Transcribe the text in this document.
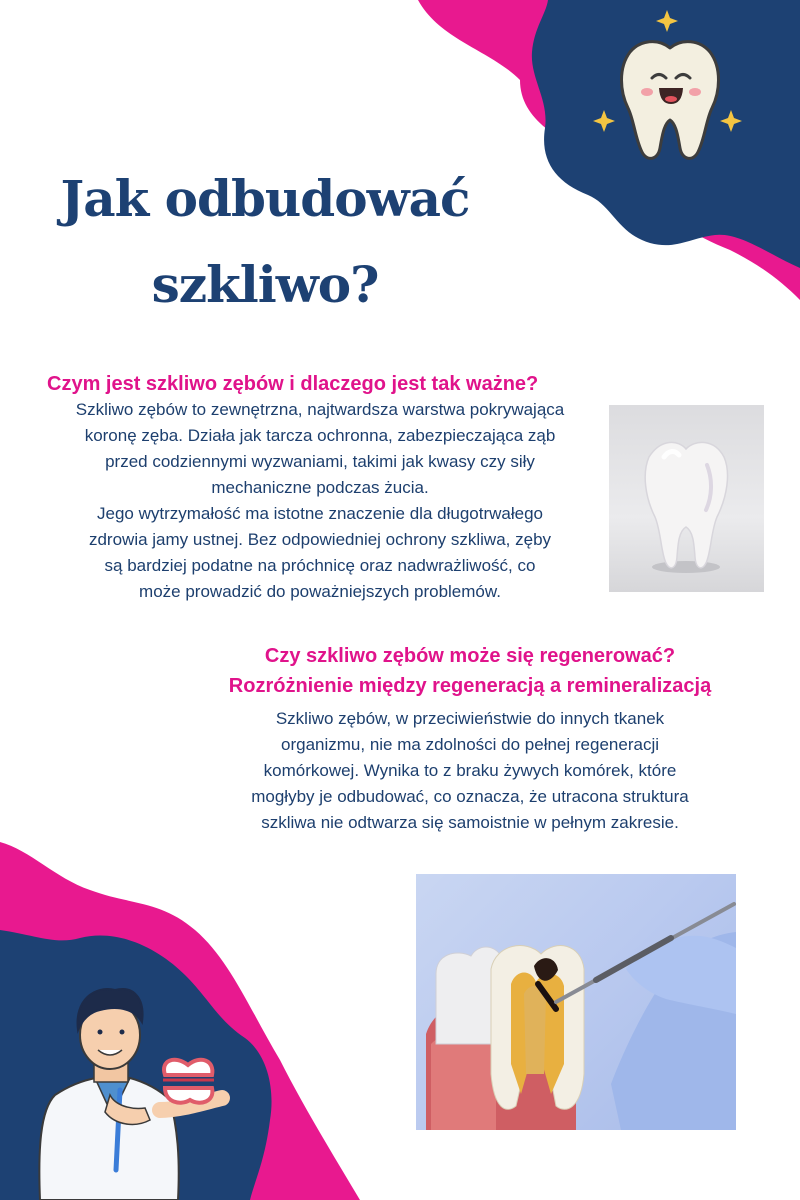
Jak odbudować
szkliwo?
Czym jest szkliwo zębów i dlaczego jest tak ważne?
Szkliwo zębów to zewnętrzna, najtwardsza warstwa pokrywająca
koronę zęba. Działa jak tarcza ochronna, zabezpieczająca ząb
przed codziennymi wyzwaniami, takimi jak kwasy czy siły
mechaniczne podczas żucia.
Jego wytrzymałość ma istotne znaczenie dla długotrwałego
zdrowia jamy ustnej. Bez odpowiedniej ochrony szkliwa, zęby
są bardziej podatne na próchnicę oraz nadwrażliwość, co
może prowadzić do poważniejszych problemów.
Czy szkliwo zębów może się regenerować?
Rozróżnienie między regeneracją a remineralizacją
Szkliwo zębów, w przeciwieństwie do innych tkanek
organizmu, nie ma zdolności do pełnej regeneracji
komórkowej. Wynika to z braku żywych komórek, które
mogłyby je odbudować, co oznacza, że utracona struktura
szkliwa nie odtwarza się samoistnie w pełnym zakresie.
